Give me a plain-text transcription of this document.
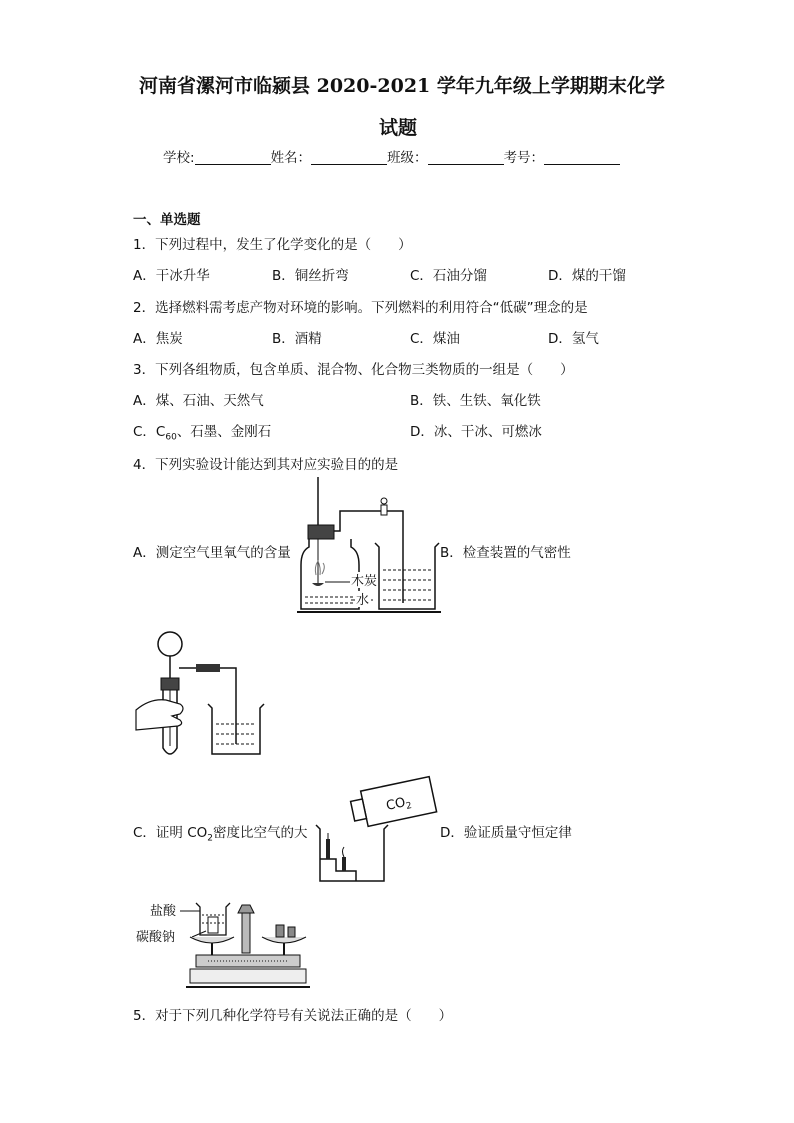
河南省漯河市临颍县 2020-2021 学年九年级上学期期末化学
试题
学校:	姓名：	班级：	考号：
一、单选题
1．下列过程中，发生了化学变化的是（　　）
A．干冰升华	B．铜丝折弯	C．石油分馏	D．煤的干馏
2．选择燃料需考虑产物对环境的影响。下列燃料的利用符合“低碳”理念的是
A．焦炭	B．酒精	C．煤油	D．氢气
3．下列各组物质，包含单质、混合物、化合物三类物质的一组是（　　）
A．煤、石油、天然气	B．铁、生铁、氧化铁
C．$C_{60}$、石墨、金刚石	D．冰、干冰、可燃冰
4．下列实验设计能达到其对应实验目的的是
A．测定空气里氧气的含量	B．检查装置的气密性
木炭
水
C．证明 $CO_2$密度比空气的大	D．验证质量守恒定律
$CO_2$
盐酸
碳酸钠
5．对于下列几种化学符号有关说法正确的是（　　）
